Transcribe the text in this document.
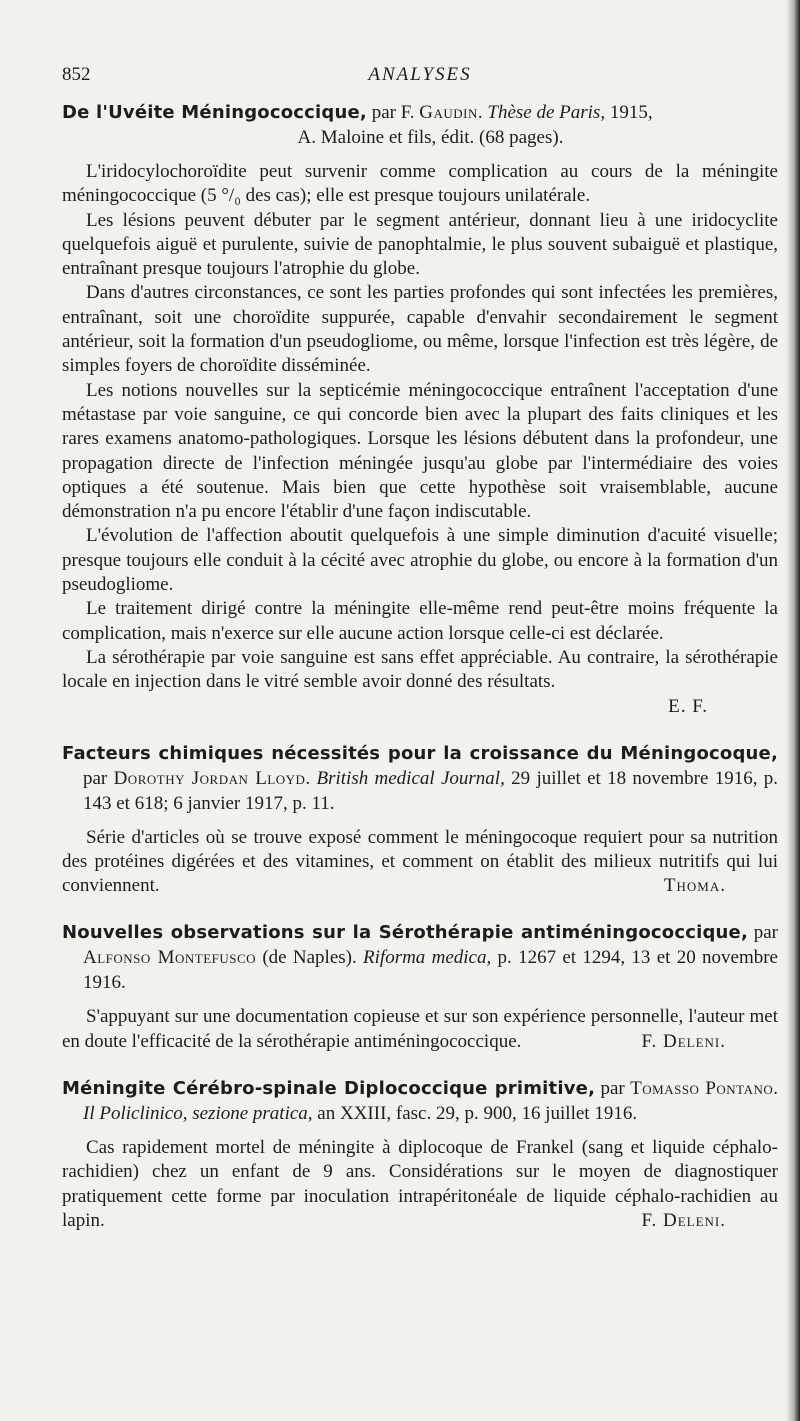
852	ANALYSES
De l'Uvéite Méningococcique, par F. Gaudin. Thèse de Paris, 1915,
A. Maloine et fils, édit. (68 pages).

L'iridocylochoroïdite peut survenir comme complication au cours de la méningite méningococcique (5 °/₀ des cas); elle est presque toujours unilatérale.

Les lésions peuvent débuter par le segment antérieur, donnant lieu à une iridocyclite quelquefois aiguë et purulente, suivie de panophtalmie, le plus souvent subaiguë et plastique, entraînant presque toujours l'atrophie du globe.

Dans d'autres circonstances, ce sont les parties profondes qui sont infectées les premières, entraînant, soit une choroïdite suppurée, capable d'envahir secondairement le segment antérieur, soit la formation d'un pseudogliome, ou même, lorsque l'infection est très légère, de simples foyers de choroïdite disséminée.

Les notions nouvelles sur la septicémie méningococcique entraînent l'acceptation d'une métastase par voie sanguine, ce qui concorde bien avec la plupart des faits cliniques et les rares examens anatomo-pathologiques. Lorsque les lésions débutent dans la profondeur, une propagation directe de l'infection méningée jusqu'au globe par l'intermédiaire des voies optiques a été soutenue. Mais bien que cette hypothèse soit vraisemblable, aucune démonstration n'a pu encore l'établir d'une façon indiscutable.

L'évolution de l'affection aboutit quelquefois à une simple diminution d'acuité visuelle; presque toujours elle conduit à la cécité avec atrophie du globe, ou encore à la formation d'un pseudogliome.

Le traitement dirigé contre la méningite elle-même rend peut-être moins fréquente la complication, mais n'exerce sur elle aucune action lorsque celle-ci est déclarée.

La sérothérapie par voie sanguine est sans effet appréciable. Au contraire, la sérothérapie locale en injection dans le vitré semble avoir donné des résultats.

E. F.
Facteurs chimiques nécessités pour la croissance du Méningocoque, par Dorothy Jordan Lloyd. British medical Journal, 29 juillet et 18 novembre 1916, p. 143 et 618; 6 janvier 1917, p. 11.

Série d'articles où se trouve exposé comment le méningocoque requiert pour sa nutrition des protéines digérées et des vitamines, et comment on établit des milieux nutritifs qui lui conviennent.	Thoma.

Nouvelles observations sur la Sérothérapie antiméningococcique, par Alfonso Montefusco (de Naples). Riforma medica, p. 1267 et 1294, 13 et 20 novembre 1916.

S'appuyant sur une documentation copieuse et sur son expérience personnelle, l'auteur met en doute l'efficacité de la sérothérapie antiméningococcique.	F. Deleni.

Méningite Cérébro-spinale Diplococcique primitive, par Tomasso Pontano. Il Policlinico, sezione pratica, an XXIII, fasc. 29, p. 900, 16 juillet 1916.

Cas rapidement mortel de méningite à diplocoque de Frankel (sang et liquide céphalo-rachidien) chez un enfant de 9 ans. Considérations sur le moyen de diagnostiquer pratiquement cette forme par inoculation intrapéritonéale de liquide céphalo-rachidien au lapin.	F. Deleni.
